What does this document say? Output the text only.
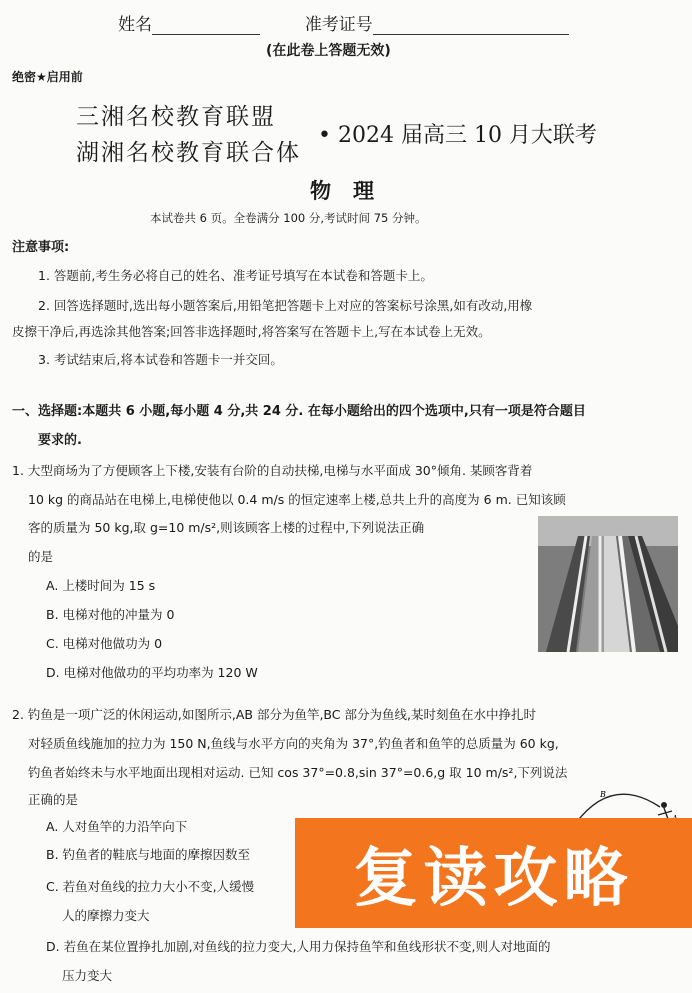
姓名	准考证号
(在此卷上答题无效)
绝密★启用前
三湘名校教育联盟
湖湘名校教育联合体
• 2024 届高三 10 月大联考
物理
本试卷共 6 页。全卷满分 100 分,考试时间 75 分钟。
注意事项:
1. 答题前,考生务必将自己的姓名、准考证号填写在本试卷和答题卡上。
2. 回答选择题时,选出每小题答案后,用铅笔把答题卡上对应的答案标号涂黑,如有改动,用橡
皮擦干净后,再选涂其他答案;回答非选择题时,将答案写在答题卡上,写在本试卷上无效。
3. 考试结束后,将本试卷和答题卡一并交回。
一、选择题:本题共 6 小题,每小题 4 分,共 24 分. 在每小题给出的四个选项中,只有一项是符合题目
要求的.
1. 大型商场为了方便顾客上下楼,安装有台阶的自动扶梯,电梯与水平面成 30°倾角. 某顾客背着
10 kg 的商品站在电梯上,电梯使他以 0.4 m/s 的恒定速率上楼,总共上升的高度为 6 m. 已知该顾
客的质量为 50 kg,取 g=10 m/s²,则该顾客上楼的过程中,下列说法正确
的是
A. 上楼时间为 15 s
B. 电梯对他的冲量为 0
C. 电梯对他做功为 0
D. 电梯对他做功的平均功率为 120 W
2. 钓鱼是一项广泛的休闲运动,如图所示,AB 部分为鱼竿,BC 部分为鱼线,某时刻鱼在水中挣扎时
对轻质鱼线施加的拉力为 150 N,鱼线与水平方向的夹角为 37°,钓鱼者和鱼竿的总质量为 60 kg,
钓鱼者始终未与水平地面出现相对运动. 已知 cos 37°=0.8,sin 37°=0.6,g 取 10 m/s²,下列说法
正确的是
A. 人对鱼竿的力沿竿向下
B. 钓鱼者的鞋底与地面的摩擦因数至
C. 若鱼对鱼线的拉力大小不变,人缓慢
人的摩擦力变大
D. 若鱼在某位置挣扎加剧,对鱼线的拉力变大,人用力保持鱼竿和鱼线形状不变,则人对地面的
压力变大
B
复读攻略
